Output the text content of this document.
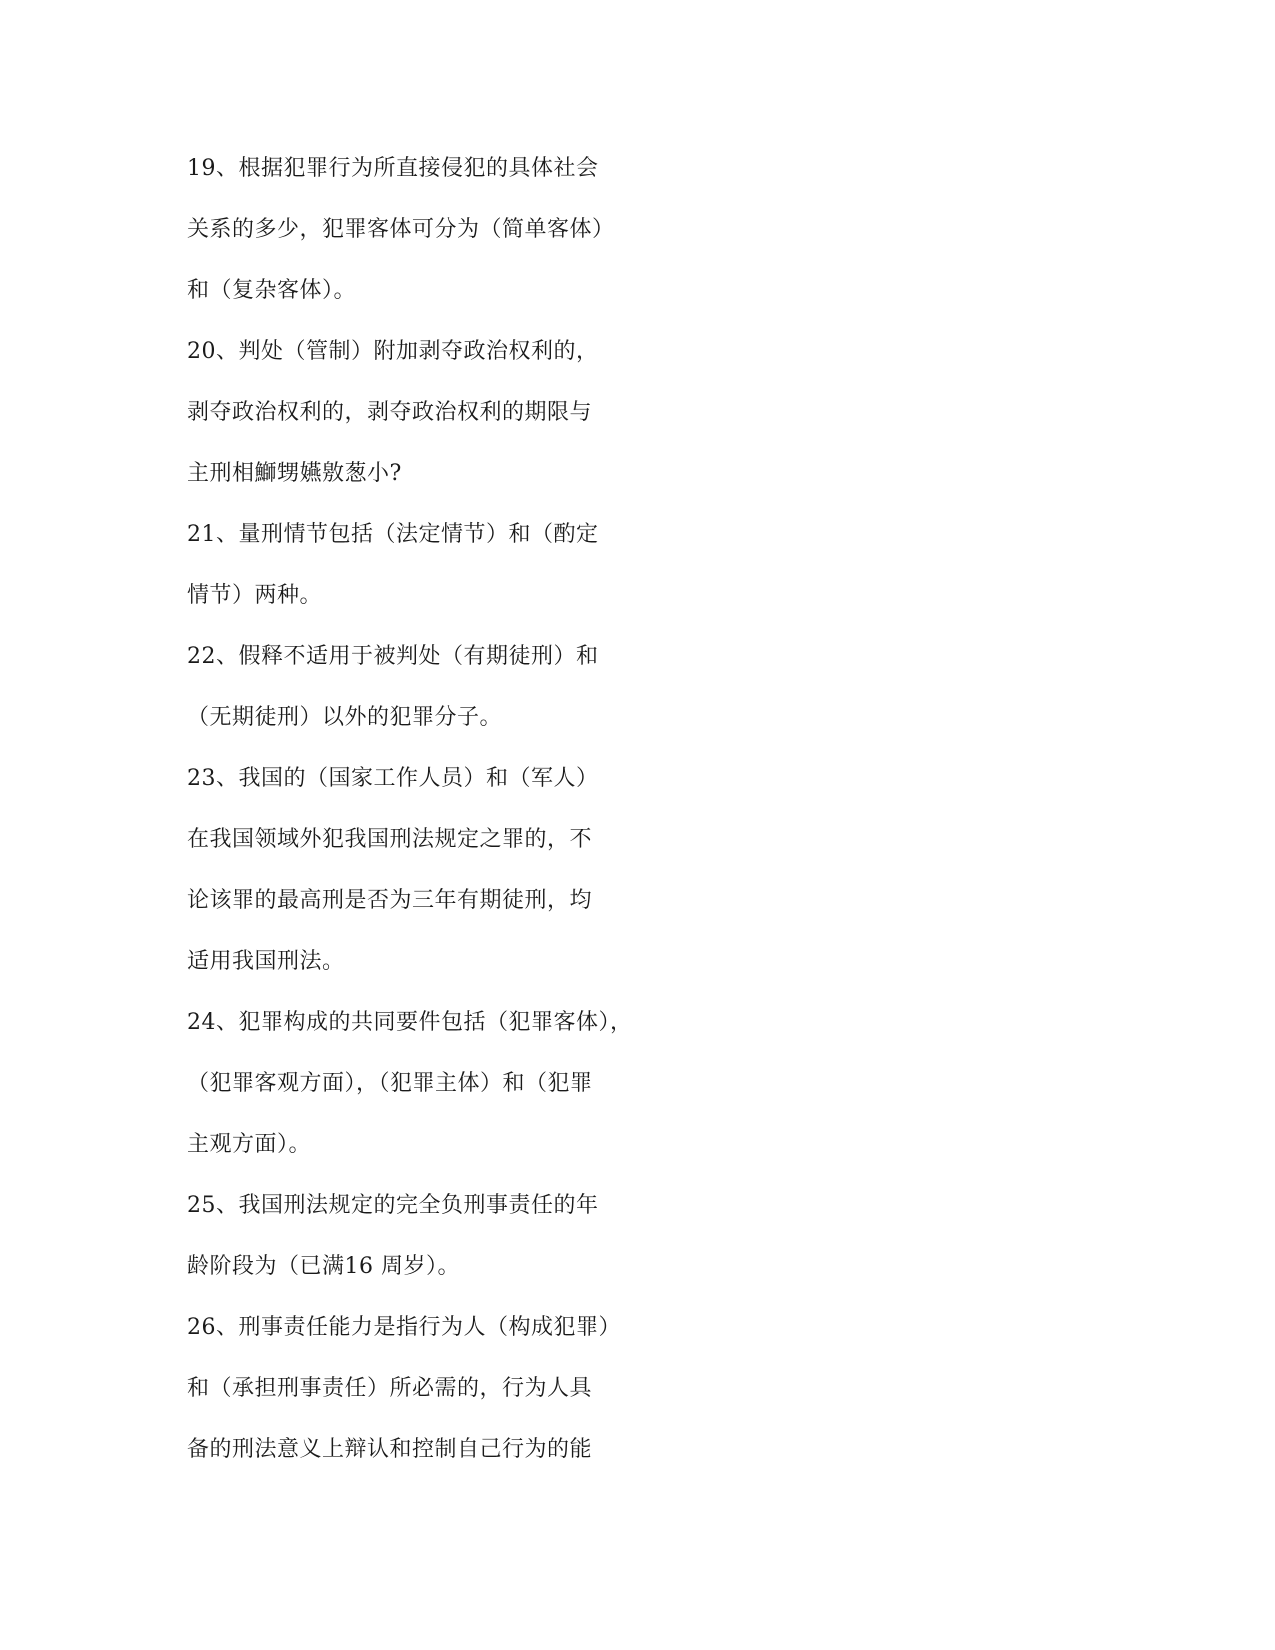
19、根据犯罪行为所直接侵犯的具体社会
关系的多少，犯罪客体可分为（简单客体）
和（复杂客体）。
20、判处（管制）附加剥夺政治权利的，
剥夺政治权利的，剥夺政治权利的期限与
主刑相鰤甥嬿敫葱小?
21、量刑情节包括（法定情节）和（酌定
情节）两种。
22、假释不适用于被判处（有期徒刑）和
（无期徒刑）以外的犯罪分子。
23、我国的（国家工作人员）和（军人）
在我国领域外犯我国刑法规定之罪的，不
论该罪的最高刑是否为三年有期徒刑，均
适用我国刑法。
24、犯罪构成的共同要件包括（犯罪客体），
（犯罪客观方面），（犯罪主体）和（犯罪
主观方面）。
25、我国刑法规定的完全负刑事责任的年
龄阶段为（已满16 周岁）。
26、刑事责任能力是指行为人（构成犯罪）
和（承担刑事责任）所必需的，行为人具
备的刑法意义上辩认和控制自己行为的能
